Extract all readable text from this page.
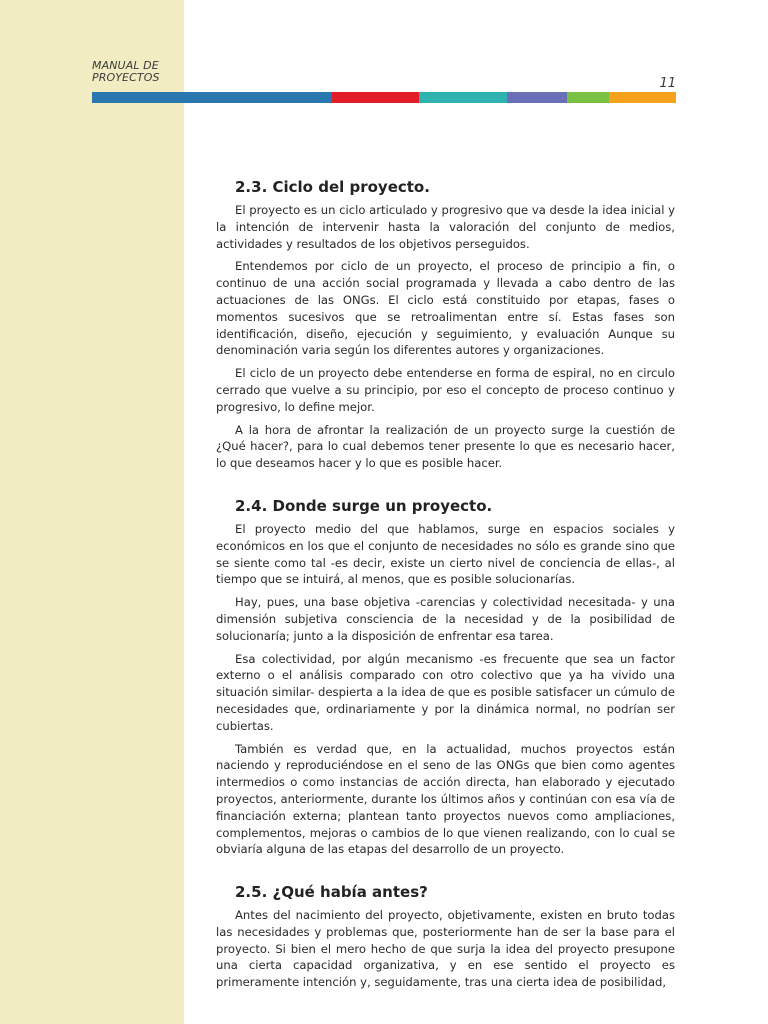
MANUAL DE
PROYECTOS	11
2.3. Ciclo del proyecto.

El proyecto es un ciclo articulado y progresivo que va desde la idea inicial y la intención de intervenir hasta la valoración del conjunto de medios, actividades y resultados de los objetivos perseguidos.

Entendemos por ciclo de un proyecto, el proceso de principio a fin, o continuo de una acción social programada y llevada a cabo dentro de las actuaciones de las ONGs. El ciclo está constituido por etapas, fases o momentos sucesivos que se retroalimentan entre sí. Estas fases son identificación, diseño, ejecución y seguimiento, y evaluación Aunque su denominación varia según los diferentes autores y organizaciones.

El ciclo de un proyecto debe entenderse en forma de espiral, no en circulo cerrado que vuelve a su principio, por eso el concepto de proceso continuo y progresivo, lo define mejor.

A la hora de afrontar la realización de un proyecto surge la cuestión de ¿Qué hacer?, para lo cual debemos tener presente lo que es necesario hacer, lo que deseamos hacer y lo que es posible hacer.

2.4. Donde surge un proyecto.

El proyecto medio del que hablamos, surge en espacios sociales y económicos en los que el conjunto de necesidades no sólo es grande sino que se siente como tal -es decir, existe un cierto nivel de conciencia de ellas-, al tiempo que se intuirá, al menos, que es posible solucionarías.

Hay, pues, una base objetiva -carencias y colectividad necesitada- y una dimensión subjetiva consciencia de la necesidad y de la posibilidad de solucionaría; junto a la disposición de enfrentar esa tarea.

Esa colectividad, por algún mecanismo -es frecuente que sea un factor externo o el análisis comparado con otro colectivo que ya ha vivido una situación similar- despierta a la idea de que es posible satisfacer un cúmulo de necesidades que, ordinariamente y por la dinámica normal, no podrían ser cubiertas.

También es verdad que, en la actualidad, muchos proyectos están naciendo y reproduciéndose en el seno de las ONGs que bien como agentes intermedios o como instancias de acción directa, han elaborado y ejecutado proyectos, anteriormente, durante los últimos años y continúan con esa vía de financiación externa; plantean tanto proyectos nuevos como ampliaciones, complementos, mejoras o cambios de lo que vienen realizando, con lo cual se obviaría alguna de las etapas del desarrollo de un proyecto.

2.5. ¿Qué había antes?

Antes del nacimiento del proyecto, objetivamente, existen en bruto todas las necesidades y problemas que, posteriormente han de ser la base para el proyecto. Si bien el mero hecho de que surja la idea del proyecto presupone una cierta capacidad organizativa, y en ese sentido el proyecto es primeramente intención y, seguidamente, tras una cierta idea de posibilidad,
